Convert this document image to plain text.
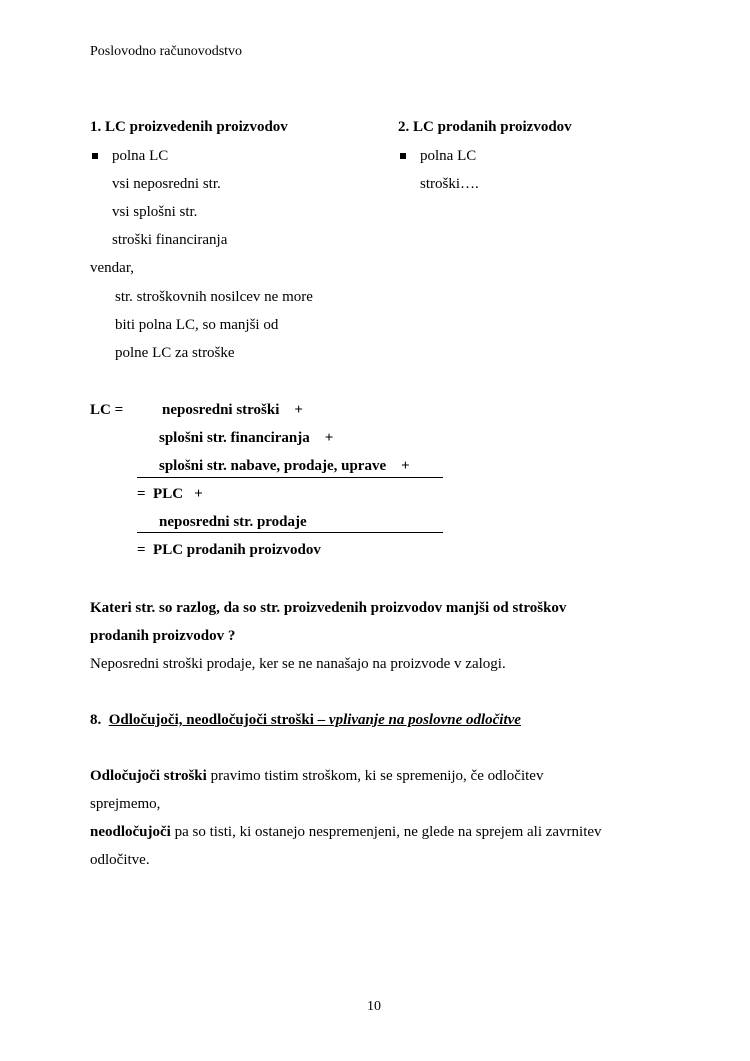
Poslovodno računovodstvo
1. LC proizvedenih proizvodov
polna LC
vsi neposredni str.
vsi splošni str.
stroški financiranja
vendar,
str. stroškovnih nosilcev ne more
biti polna LC, so manjši od
polne LC za stroške
2. LC prodanih proizvodov
polna LC
stroški….
LC =	neposredni stroški    +
splošni str. financiranja    +
splošni str. nabave, prodaje, uprave    +
=  PLC   +
neposredni str. prodaje
=  PLC prodanih proizvodov
Kateri str. so razlog, da so str. proizvedenih proizvodov manjši od stroškov
prodanih proizvodov ?
Neposredni stroški prodaje, ker se ne nanašajo na proizvode v zalogi.
8. Odločujoči, neodločujoči stroški – vplivanje na poslovne odločitve
Odločujoči stroški pravimo tistim stroškom, ki se spremenijo, če odločitev
sprejmemo,
neodločujoči pa so tisti, ki ostanejo nespremenjeni, ne glede na sprejem ali zavrnitev
odločitve.
10
